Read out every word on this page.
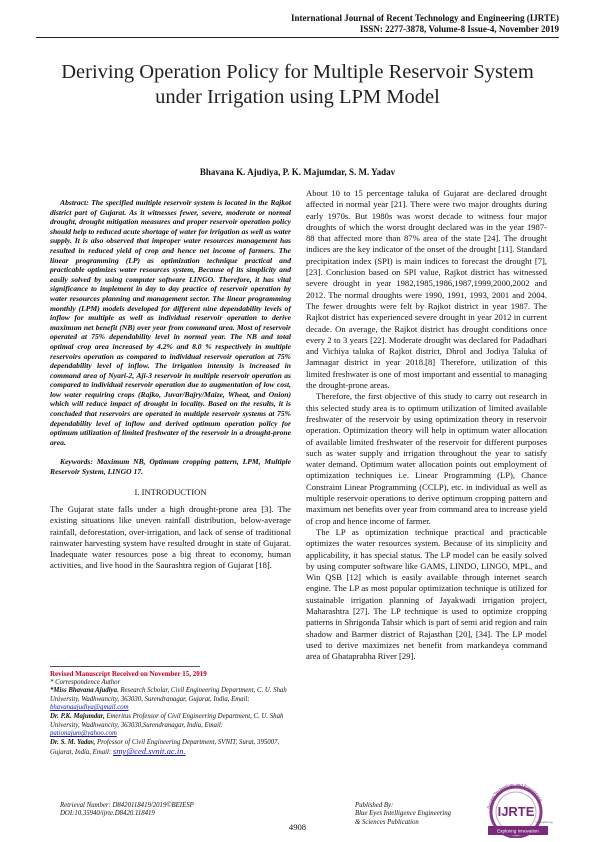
International Journal of Recent Technology and Engineering (IJRTE)
ISSN: 2277-3878, Volume-8 Issue-4, November 2019
Deriving Operation Policy for Multiple Reservoir System under Irrigation using LPM Model
Bhavana K. Ajudiya, P. K. Majumdar, S. M. Yadav

Abstract: The specified multiple reservoir system is located in the Rajkot district part of Gujarat. As it witnesses fewer, severe, moderate or normal drought, drought mitigation measures and proper reservoir operation policy should help to reduced acute shortage of water for irrigation as well as water supply. It is also observed that improper water resources management has resulted in reduced yield of crop and hence net income of farmers. The linear programming (LP) as optimization technique practical and practicable optimizes water resources system, Because of its simplicity and easily solved by using computer software LINGO. Therefore, it has vital significance to implement in day to day practice of reservoir operation by water resources planning and management sector. The linear programming monthly (LPM) models developed for different nine dependability levels of inflow for multiple as well as individual reservoir operation to derive maximum net benefit (NB) over year from command area. Most of reservoir operated at 75% dependability level in normal year. The NB and total optimal crop area increased by 4.2% and 8.0 % respectively in multiple reservoirs operation as compared to individual reservoir operation at 75% dependability level of inflow. The irrigation intensity is increased in command area of Nyari-2, Aji-3 reservoir in multiple reservoir operation as compared to individual reservoir operation due to augmentation of low cost, low water requiring crops (Rajko, Juvar/Bajry/Maize, Wheat, and Onion) which will reduce impact of drought in locality. Based on the results, it is concluded that reservoirs are operated in multiple reservoir systems at 75% dependability level of inflow and derived optimum operation policy for optimum utilization of limited freshwater of the reservoir in a drought-prone area.

Keywords: Maximum NB, Optimum cropping pattern, LPM, Multiple Reservoir System, LINGO 17.

I. INTRODUCTION

The Gujarat state falls under a high drought-prone area [3]. The existing situations like uneven rainfall distribution, below-average rainfall, deforestation, over-irrigation, and lack of sense of traditional rainwater harvesting system have resulted drought in state of Gujarat. Inadequate water resources pose a big threat to economy, human activities, and live hood in the Saurashtra region of Gujarat [18].

About 10 to 15 percentage taluka of Gujarat are declared drought affected in normal year [21]. There were two major droughts during early 1970s. But 1980s was worst decade to witness four major droughts of which the worst drought declared was in the year 1987-88 that affected more than 87% area of the state [24]. The drought indices are the key indicator of the onset of the drought [11]. Standard precipitation index (SPI) is main indices to forecast the drought [7], [23]. Conclusion based on SPI value, Rajkot district has witnessed severe drought in year 1982,1985,1986,1987,1999,2000,2002 and 2012. The normal droughts were 1990, 1991, 1993, 2001 and 2004. The fewer droughts were felt by Rajkot district in year 1987. The Rajkot district has experienced severe drought in year 2012 in current decade. On average, the Rajkot district has drought conditions once every 2 to 3 years [22]. Moderate drought was declared for Padadhari and Vichiya taluka of Rajkot district, Dhrol and Jodiya Taluka of Jamnagar district in year 2018.[8] Therefore, utilization of this limited freshwater is one of most important and essential to managing the drought-prone areas.

Therefore, the first objective of this study to carry out research in this selected study area is to optimum utilization of limited available freshwater of the reservoir by using optimization theory in reservoir operation. Optimization theory will help in optimum water allocation of available limited freshwater of the reservoir for different purposes such as water supply and irrigation throughout the year to satisfy water demand. Optimum water allocation points out employment of optimization techniques i.e. Linear Programming (LP), Chance Constraint Linear Programming (CCLP), etc. in individual as well as multiple reservoir operations to derive optimum cropping pattern and maximum net benefits over year from command area to increase yield of crop and hence income of farmer.

The LP as optimization technique practical and practicable optimizes the water resources system. Because of its simplicity and applicability, it has special status. The LP model can be easily solved by using computer software like GAMS, LINDO, LINGO, MPL, and Win QSB [12] which is easily available through internet search engine. The LP as most popular optimization technique is utilized for sustainable irrigation planning of Jayakwadi irrigation project, Maharashtra [27]. The LP technique is used to optimize cropping patterns in Shrigonda Tahsir which is part of semi arid region and rain shadow and Barmer district of Rajasthan [20], [34]. The LP model used to derive maximizes net benefit from markandeya command area of Ghataprabha River [29].

Revised Manuscript Received on November 15, 2019
* Correspondence Author
*Miss Bhavana Ajudiya, Research Scholar, Civil Engineering Department, C. U. Shah University, Wadhwancity, 363030, Surendranagar, Gujarat, India, Email: bhavanaajudiya@gmail.com
Dr. P.K. Majumdar, Emeritus Professor of Civil Engineering Department, C. U. Shah University, Wadhwancity, 363030,Surendranagar, India, Email: pationajum@yahoo.com
Dr. S. M. Yadav, Professor of Civil Engineering Department, SVNIT, Surat, 395007, Gujarat, India, Email: smy@ced.svnit.ac.in.
Retrieval Number: D8420118419/2019©BEIESP
DOI:10.35940/ijrte.D8420.118419
Published By:
Blue Eyes Intelligence Engineering
& Sciences Publication
4908
Recent Technology and Engineering
IJRTE
Exploring Innovation
www.ijrte.org
